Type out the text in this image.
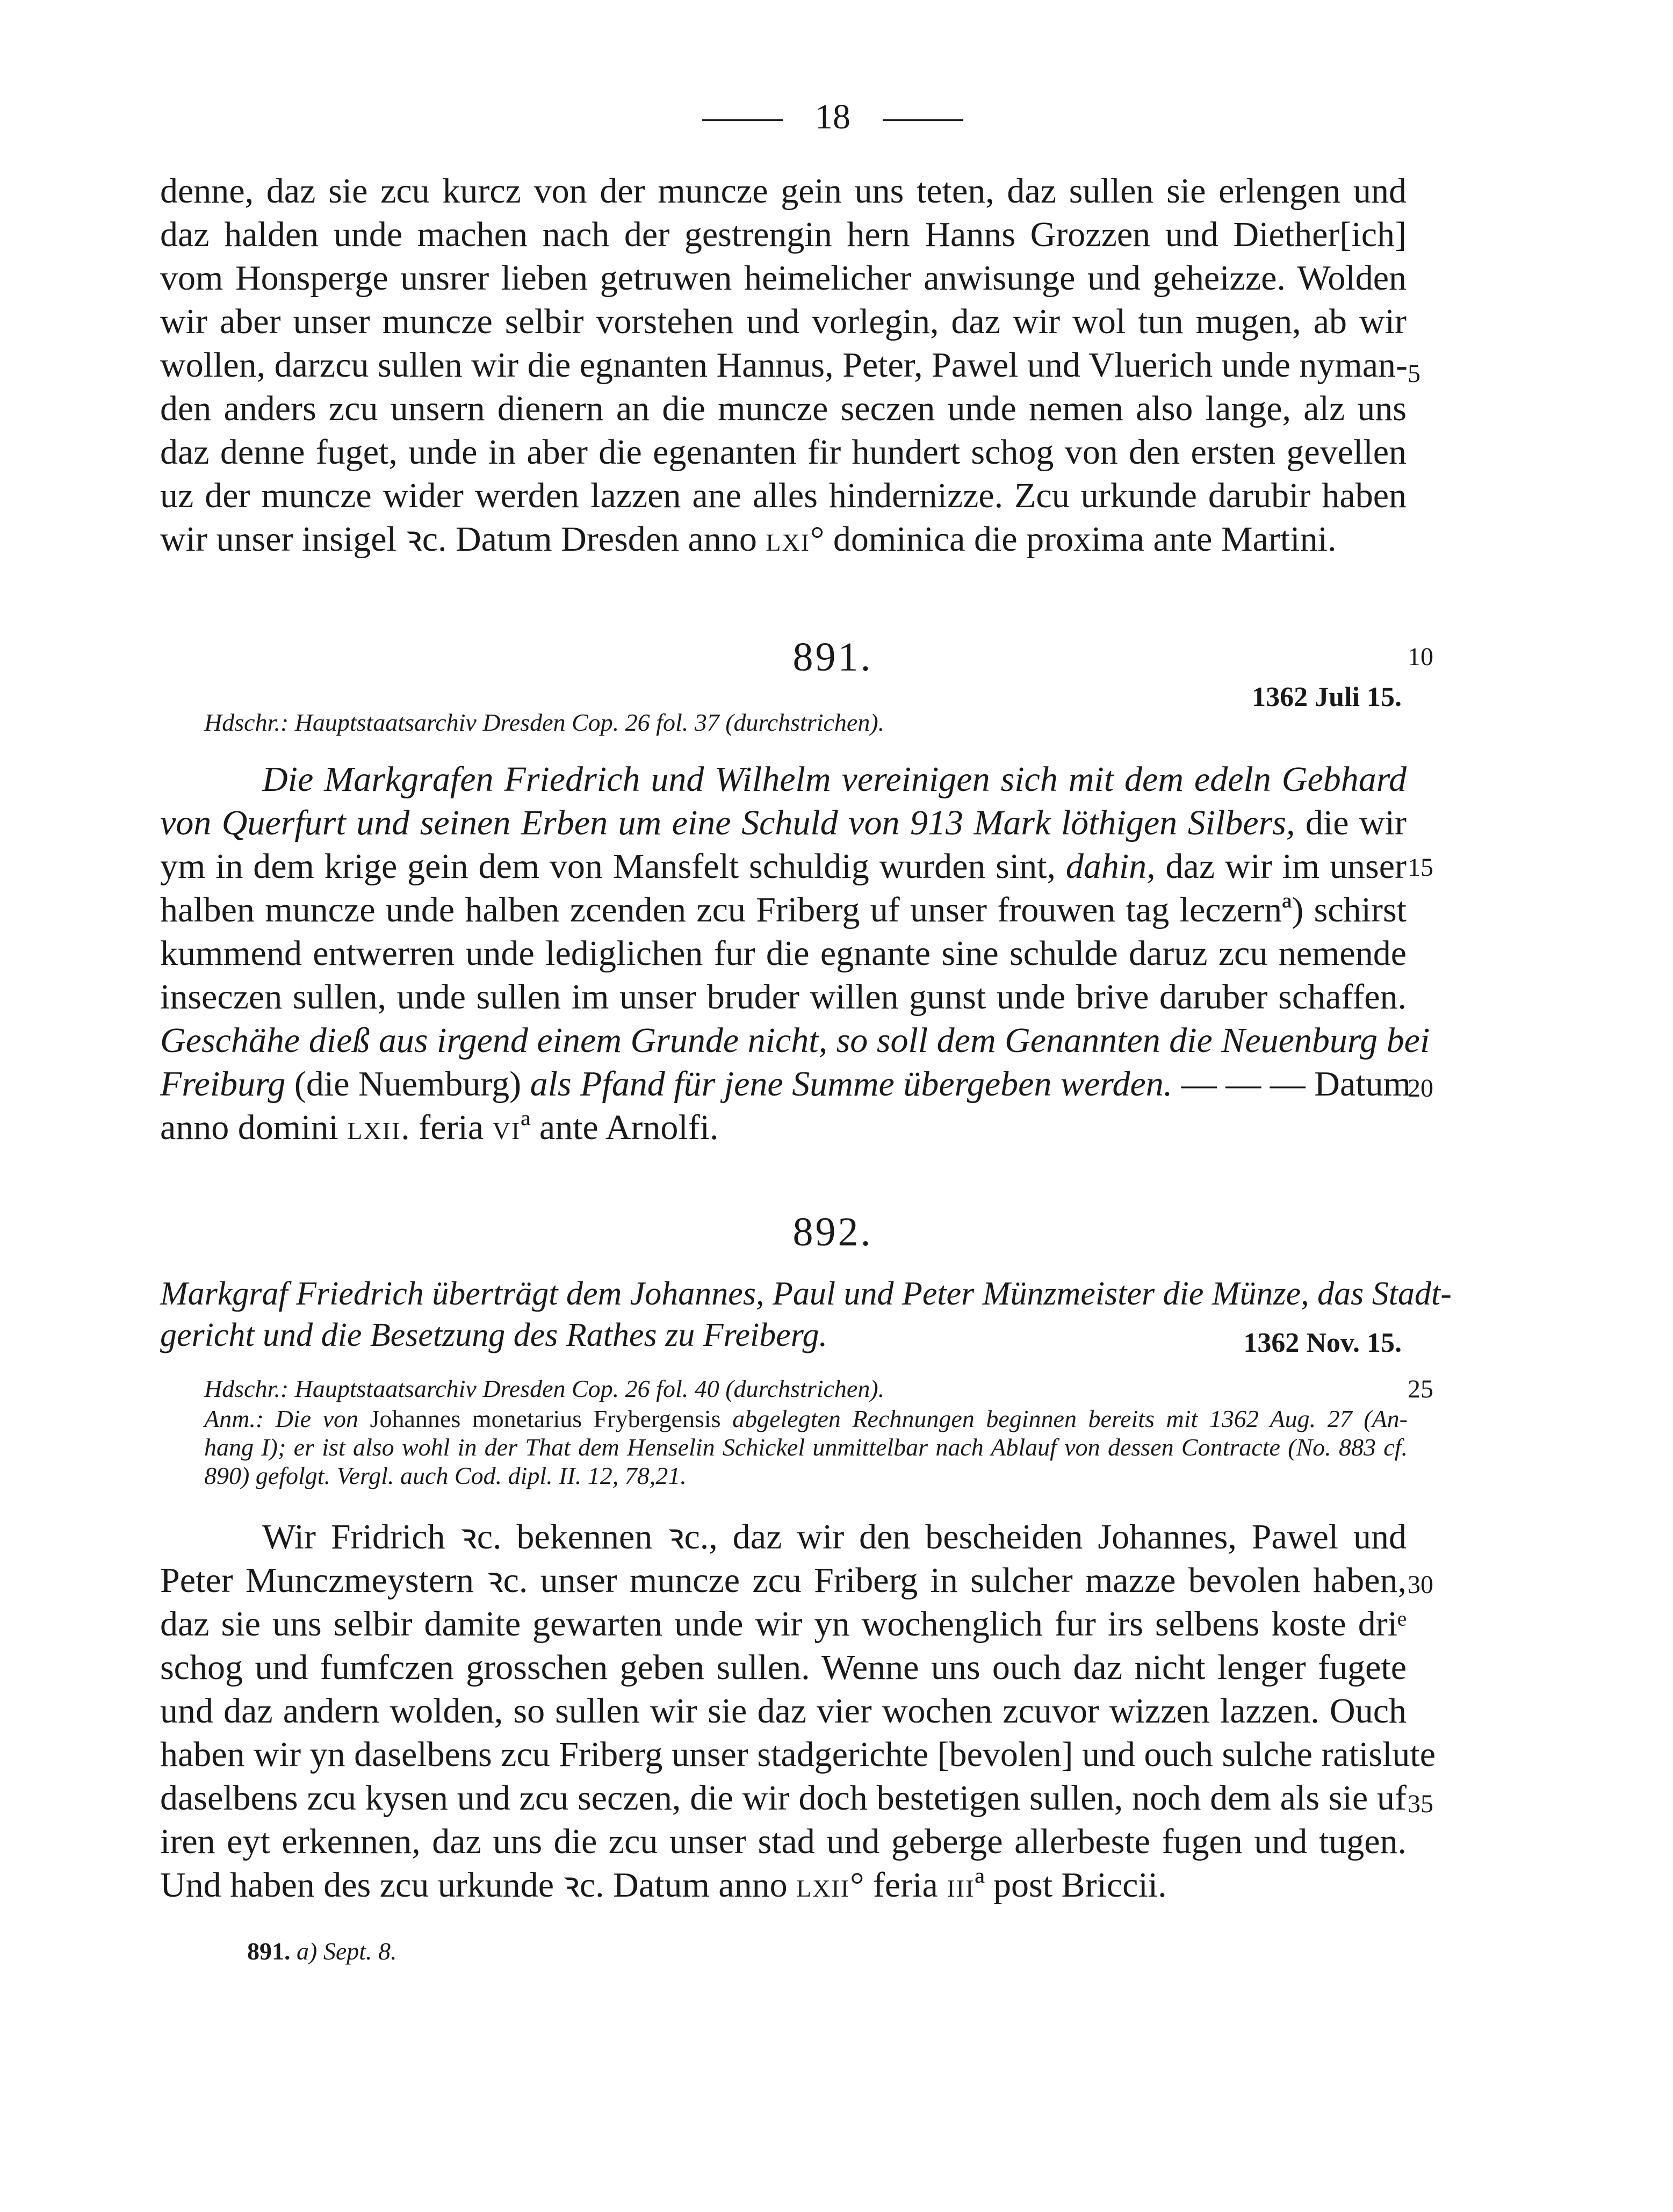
18
denne, daz sie zcu kurcz von der muncze gein uns teten, daz sullen sie erlengen und
daz halden unde machen nach der gestrengin hern Hanns Grozzen und Diether[ich]
vom Honsperge unsrer lieben getruwen heimelicher anwisunge und geheizze. Wolden
wir aber unser muncze selbir vorstehen und vorlegin, daz wir wol tun mugen, ab wir
wollen, darzcu sullen wir die egnanten Hannus, Peter, Pawel und Vluerich unde nyman-
den anders zcu unsern dienern an die muncze seczen unde nemen also lange, alz uns
daz denne fuget, unde in aber die egenanten fir hundert schog von den ersten gevellen
uz der muncze wider werden lazzen ane alles hindernizze. Zcu urkunde darubir haben
wir unser insigel ꝛc. Datum Dresden anno lxi° dominica die proxima ante Martini.
5
10
15
20
25
30
35
891.
1362 Juli 15.
Hdschr.: Hauptstaatsarchiv Dresden Cop. 26 fol. 37 (durchstrichen).
Die Markgrafen Friedrich und Wilhelm vereinigen sich mit dem edeln Gebhard
von Querfurt und seinen Erben um eine Schuld von 913 Mark löthigen Silbers, die wir
ym in dem krige gein dem von Mansfelt schuldig wurden sint, dahin, daz wir im unser
halben muncze unde halben zcenden zcu Friberg uf unser frouwen tag leczernª) schirst
kummend entwerren unde lediglichen fur die egnante sine schulde daruz zcu nemende
inseczen sullen, unde sullen im unser bruder willen gunst unde brive daruber schaffen.
Geschähe dieß aus irgend einem Grunde nicht, so soll dem Genannten die Neuenburg bei
Freiburg (die Nuemburg) als Pfand für jene Summe übergeben werden. — — — Datum
anno domini lxii. feria viª ante Arnolfi.
892.
Markgraf Friedrich überträgt dem Johannes, Paul und Peter Münzmeister die Münze, das Stadt-
gericht und die Besetzung des Rathes zu Freiberg.	1362 Nov. 15.
Hdschr.: Hauptstaatsarchiv Dresden Cop. 26 fol. 40 (durchstrichen).
Anm.: Die von Johannes monetarius Frybergensis abgelegten Rechnungen beginnen bereits mit 1362 Aug. 27 (An-
hang I); er ist also wohl in der That dem Henselin Schickel unmittelbar nach Ablauf von dessen Contracte (No. 883 cf.
890) gefolgt. Vergl. auch Cod. dipl. II. 12, 78,21.
Wir Fridrich ꝛc. bekennen ꝛc., daz wir den bescheiden Johannes, Pawel und
Peter Munczmeystern ꝛc. unser muncze zcu Friberg in sulcher mazze bevolen haben,
daz sie uns selbir damite gewarten unde wir yn wochenglich fur irs selbens koste driᵉ
schog und fumfczen grosschen geben sullen. Wenne uns ouch daz nicht lenger fugete
und daz andern wolden, so sullen wir sie daz vier wochen zcuvor wizzen lazzen. Ouch
haben wir yn daselbens zcu Friberg unser stadgerichte [bevolen] und ouch sulche ratislute
daselbens zcu kysen und zcu seczen, die wir doch bestetigen sullen, noch dem als sie uf
iren eyt erkennen, daz uns die zcu unser stad und geberge allerbeste fugen und tugen.
Und haben des zcu urkunde ꝛc. Datum anno lxii° feria iiiª post Briccii.
891. a) Sept. 8.
